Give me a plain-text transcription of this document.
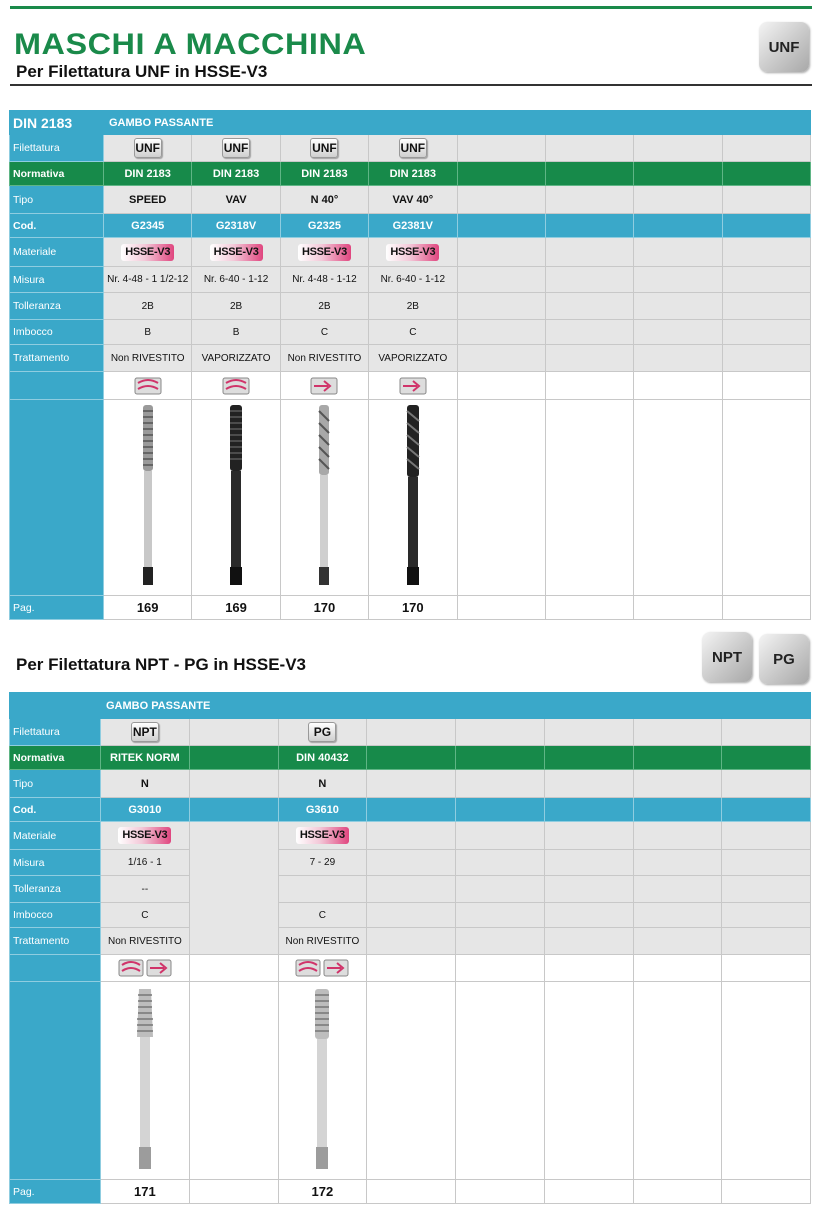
MASCHI A MACCHINA
Per Filettatura UNF in HSSE-V3
UNF
DIN 2183	GAMBO PASSANTE							
Filettatura	UNF	UNF	UNF	UNF				
Normativa	DIN 2183	DIN 2183	DIN 2183	DIN 2183				
Tipo	SPEED	VAV	N 40°	VAV 40°				
Cod.	G2345	G2318V	G2325	G2381V				
Materiale	HSSE-V3	HSSE-V3	HSSE-V3	HSSE-V3				
Misura	Nr. 4-48 - 1 1/2-12	Nr. 6-40 - 1-12	Nr. 4-48 - 1-12	Nr. 6-40 - 1-12				
Tolleranza	2B	2B	2B	2B				
Imbocco	B	B	C	C				
Trattamento	Non RIVESTITO	VAPORIZZATO	Non RIVESTITO	VAPORIZZATO				

Pag.	169	169	170	170				
Per Filettatura NPT - PG in HSSE-V3	NPT	PG
	GAMBO PASSANTE							
Filettatura	NPT		PG					
Normativa	RITEK NORM		DIN 40432					
Tipo	N		N					
Cod.	G3010		G3610					
Materiale	HSSE-V3		HSSE-V3					
Misura	1/16 - 1		7 - 29					
Tolleranza	--							
Imbocco	C		C					
Trattamento	Non RIVESTITO		Non RIVESTITO					

Pag.	171		172					
